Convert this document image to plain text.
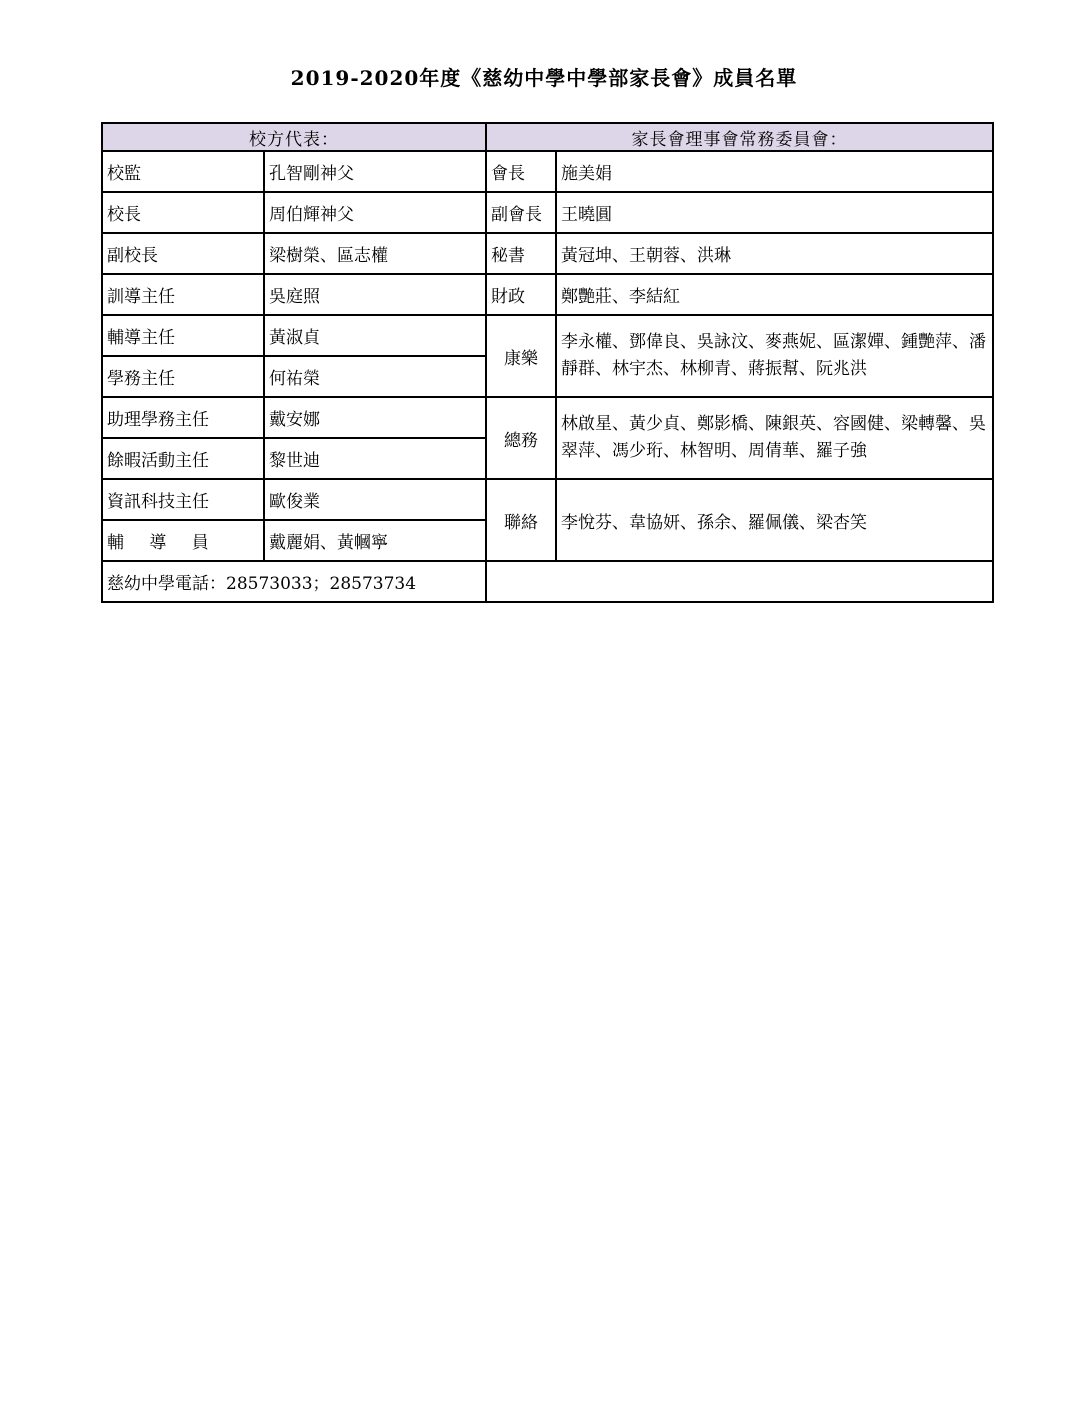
2019-2020年度《慈幼中學中學部家長會》成員名單
校方代表：		家長會理事會常務委員會：	
校監	孔智剛神父	會長	施美娟
校長	周伯輝神父	副會長	王曉圓
副校長	梁樹榮、區志權	秘書	黃冠坤、王朝蓉、洪琳
訓導主任	吳庭照	財政	鄭艷莊、李結紅
輔導主任	黃淑貞	康樂	李永權、鄧偉良、吳詠汶、麥燕妮、區潔嬋、鍾艷萍、潘靜群、林宇杰、林柳青、蔣振幫、阮兆洪
學務主任	何祐榮		
助理學務主任	戴安娜	總務	林啟星、黃少貞、鄭影橋、陳銀英、容國健、梁轉馨、吳翠萍、馮少珩、林智明、周倩華、羅子強
餘暇活動主任	黎世迪		
資訊科技主任	歐俊業	聯絡	李悅芬、韋協妍、孫余、羅佩儀、梁杏笑
輔 導 員	戴麗娟、黃幗寧		
慈幼中學電話：28573033；28573734			
